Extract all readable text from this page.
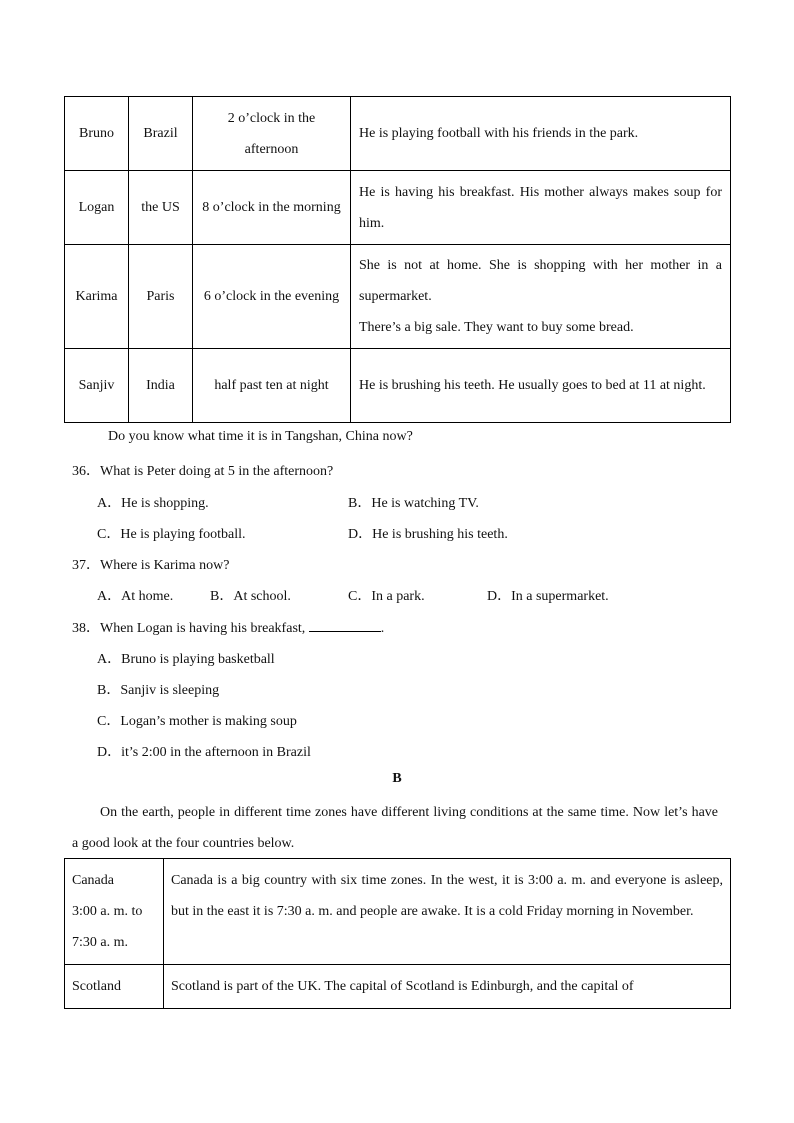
Bruno	Brazil	2 o’clock in the afternoon	He is playing football with his friends in the park.
Logan	the US	8 o’clock in the morning	He is having his breakfast. His mother always makes soup for him.
Karima	Paris	6 o’clock in the evening	She is not at home. She is shopping with her mother in a supermarket.
There’s a big sale. They want to buy some bread.
Sanjiv	India	half past ten at night	He is brushing his teeth. He usually goes to bed at 11 at night.
Do you know what time it is in Tangshan, China now?
36．What is Peter doing at 5 in the afternoon?
A．He is shopping.	B．He is watching TV.
C．He is playing football.	D．He is brushing his teeth.
37．Where is Karima now?
A．At home.	B．At school.	C．In a park.	D．In a supermarket.
38．When Logan is having his breakfast,	.
A．Bruno is playing basketball
B．Sanjiv is sleeping
C．Logan’s mother is making soup
D．it’s 2:00 in the afternoon in Brazil
B
On the earth, people in different time zones have different living conditions at the same time. Now let’s have a good look at the four countries below.
Canada
3:00 a. m. to
7:30 a. m.	Canada is a big country with six time zones. In the west, it is 3:00 a. m. and everyone is asleep, but in the east it is 7:30 a. m. and people are awake. It is a cold Friday morning in November.
Scotland	Scotland is part of the UK. The capital of Scotland is Edinburgh, and the capital of
